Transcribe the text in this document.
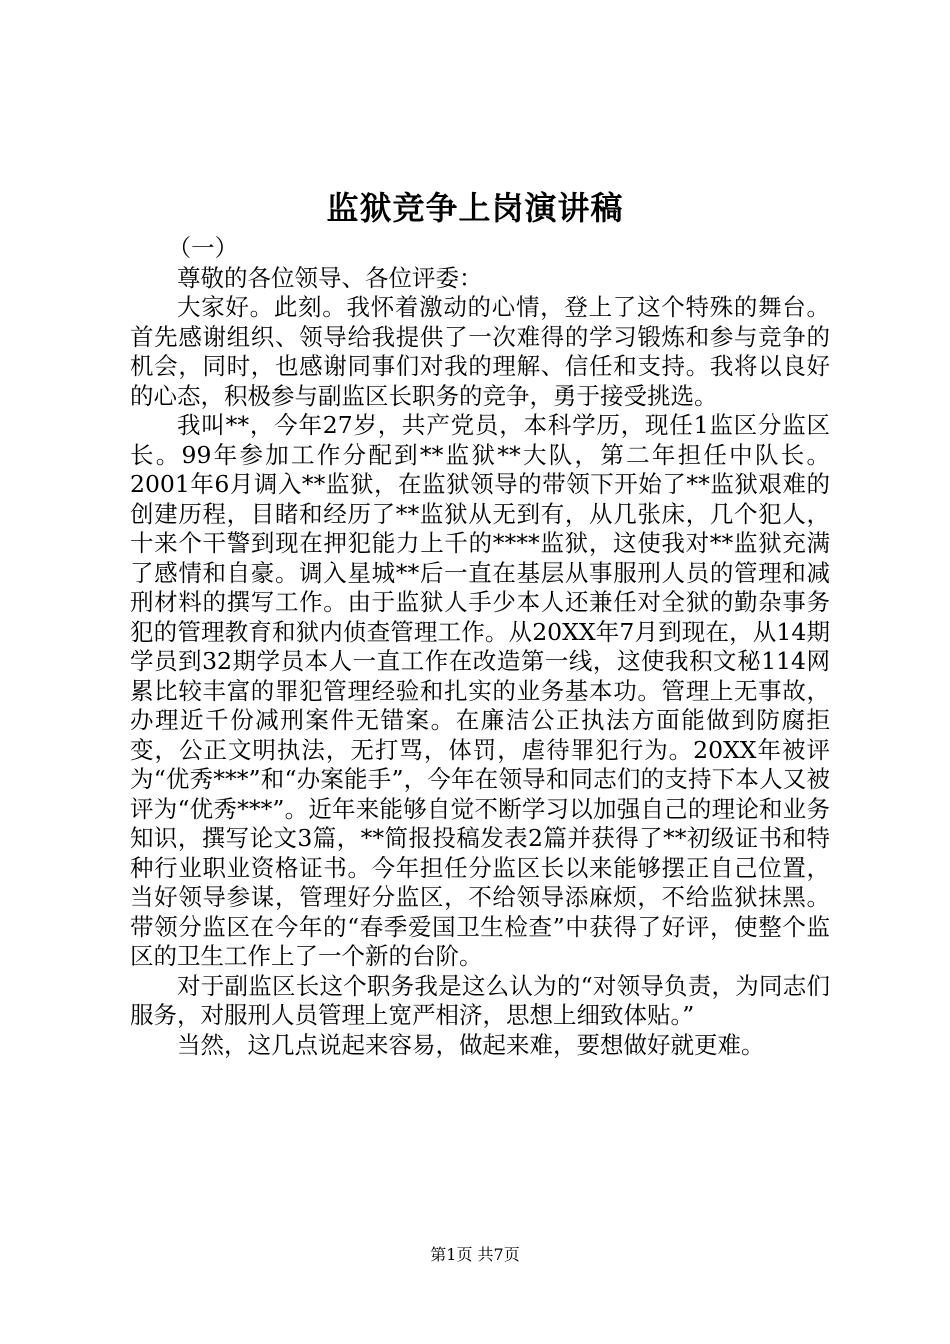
监狱竞争上岗演讲稿

（一）

尊敬的各位领导、各位评委：

大家好。此刻。我怀着激动的心情，登上了这个特殊的舞台。首先感谢组织、领导给我提供了一次难得的学习锻炼和参与竞争的机会，同时，也感谢同事们对我的理解、信任和支持。我将以良好的心态，积极参与副监区长职务的竞争，勇于接受挑选。

我叫**，今年27岁，共产党员，本科学历，现任1监区分监区长。99年参加工作分配到**监狱**大队，第二年担任中队长。2001年6月调入**监狱，在监狱领导的带领下开始了**监狱艰难的创建历程，目睹和经历了**监狱从无到有，从几张床，几个犯人，十来个干警到现在押犯能力上千的****监狱，这使我对**监狱充满了感情和自豪。调入星城**后一直在基层从事服刑人员的管理和减刑材料的撰写工作。由于监狱人手少本人还兼任对全狱的勤杂事务犯的管理教育和狱内侦查管理工作。从20XX年7月到现在，从14期学员到32期学员本人一直工作在改造第一线，这使我积文秘114网累比较丰富的罪犯管理经验和扎实的业务基本功。管理上无事故，办理近千份减刑案件无错案。在廉洁公正执法方面能做到防腐拒变，公正文明执法，无打骂，体罚，虐待罪犯行为。20XX年被评为“优秀***”和“办案能手”，今年在领导和同志们的支持下本人又被评为“优秀***”。近年来能够自觉不断学习以加强自己的理论和业务知识，撰写论文3篇，**简报投稿发表2篇并获得了**初级证书和特种行业职业资格证书。今年担任分监区长以来能够摆正自己位置，当好领导参谋，管理好分监区，不给领导添麻烦，不给监狱抹黑。带领分监区在今年的“春季爱国卫生检查”中获得了好评，使整个监区的卫生工作上了一个新的台阶。

对于副监区长这个职务我是这么认为的“对领导负责，为同志们服务，对服刑人员管理上宽严相济，思想上细致体贴。”

当然，这几点说起来容易，做起来难，要想做好就更难。

第1页 共7页
